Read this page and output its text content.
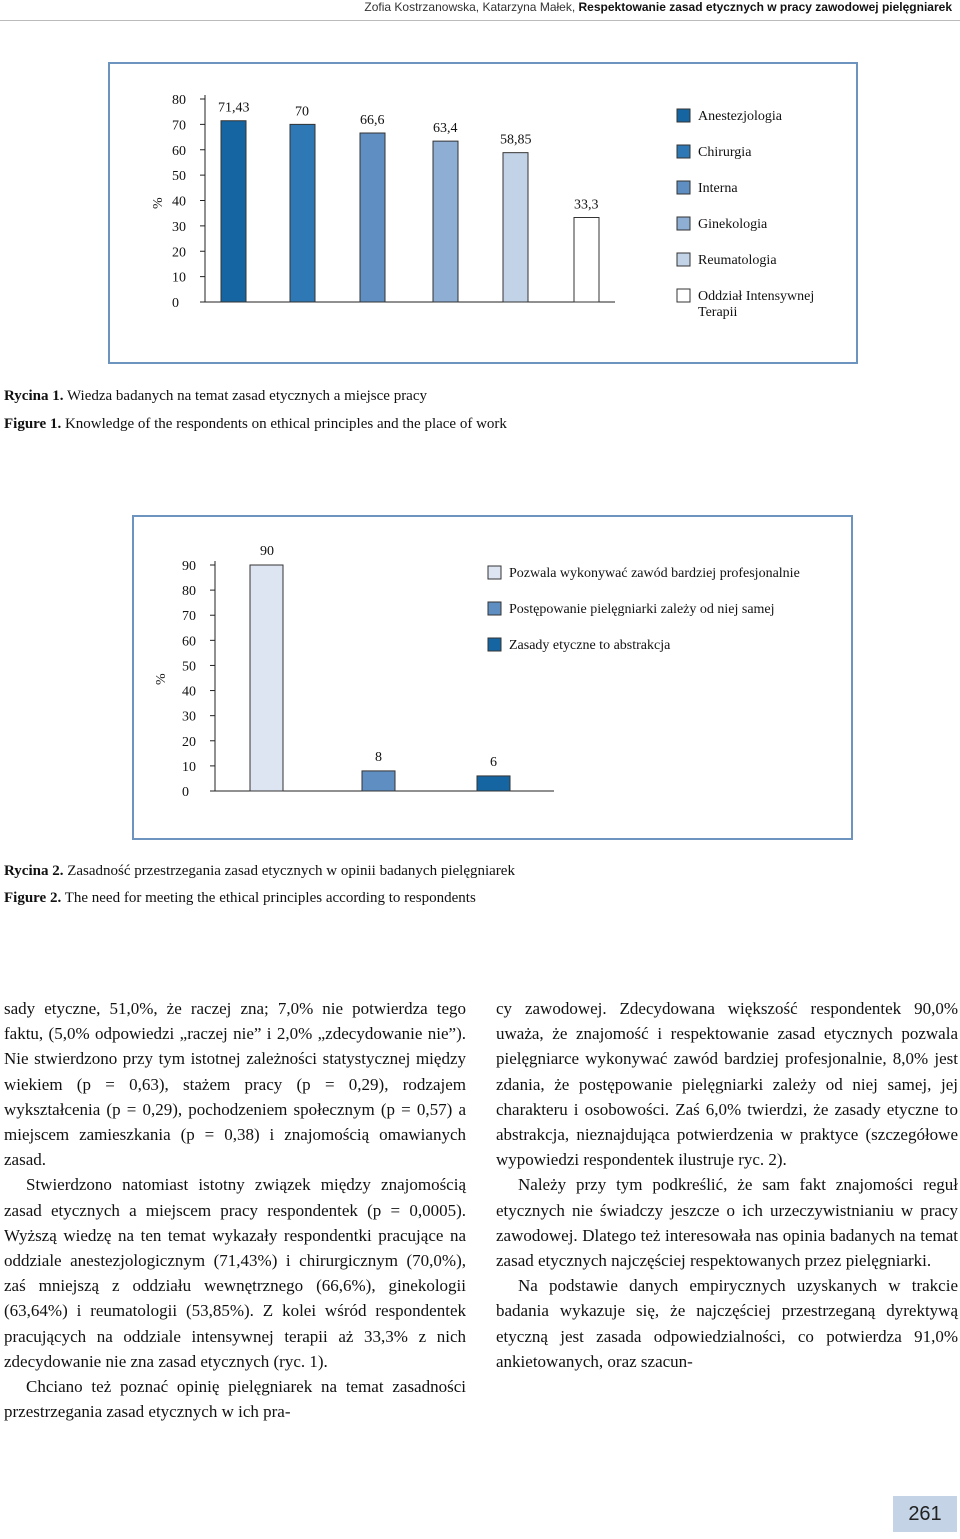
Zofia Kostrzanowska, Katarzyna Małek, Respektowanie zasad etycznych w pracy zawodowej pielęgniarek
80
70
60
50
40
30
20
10
0
%
71,43	70
66,6
63,4
58,85
33,3
Anestezjologia
Chirurgia
Interna
Ginekologia
Reumatologia
Oddział Intensywnej
Terapii
Rycina 1. Wiedza badanych na temat zasad etycznych a miejsce pracy
Figure 1. Knowledge of the respondents on ethical principles and the place of work
90
80
70
60
50
40
30
20
10
0
%
90
8	6
Pozwala wykonywać zawód bardziej profesjonalnie
Postępowanie pielęgniarki zależy od niej samej
Zasady etyczne to abstrakcja
Rycina 2. Zasadność przestrzegania zasad etycznych w opinii badanych pielęgniarek
Figure 2. The need for meeting the ethical principles according to respondents

sady etyczne, 51,0%, że raczej zna; 7,0% nie potwierdza tego faktu, (5,0% odpowiedzi „raczej nie” i 2,0% „zdecydowanie nie”). Nie stwierdzono przy tym istotnej zależności statystycznej między wiekiem (p = 0,63), stażem pracy (p = 0,29), rodzajem wykształcenia (p = 0,29), pochodzeniem społecznym (p = 0,57) a miejscem zamieszkania (p = 0,38) i znajomością omawianych zasad.

Stwierdzono natomiast istotny związek między znajomością zasad etycznych a miejscem pracy respondentek (p = 0,0005). Wyższą wiedzę na ten temat wykazały respondentki pracujące na oddziale anestezjologicznym (71,43%) i chirurgicznym (70,0%), zaś mniejszą z oddziału wewnętrznego (66,6%), ginekologii (63,64%) i reumatologii (53,85%). Z kolei wśród respondentek pracujących na oddziale intensywnej terapii aż 33,3% z nich zdecydowanie nie zna zasad etycznych (ryc. 1).

Chciano też poznać opinię pielęgniarek na temat zasadności przestrzegania zasad etycznych w ich pra-

cy zawodowej. Zdecydowana większość respondentek 90,0% uważa, że znajomość i respektowanie zasad etycznych pozwala pielęgniarce wykonywać zawód bardziej profesjonalnie, 8,0% jest zdania, że postępowanie pielęgniarki zależy od niej samej, jej charakteru i osobowości. Zaś 6,0% twierdzi, że zasady etyczne to abstrakcja, nieznajdująca potwierdzenia w praktyce (szczegółowe wypowiedzi respondentek ilustruje ryc. 2).

Należy przy tym podkreślić, że sam fakt znajomości reguł etycznych nie świadczy jeszcze o ich urzeczywistnianiu w pracy zawodowej. Dlatego też interesowała nas opinia badanych na temat zasad etycznych najczęściej respektowanych przez pielęgniarki.

Na podstawie danych empirycznych uzyskanych w trakcie badania wykazuje się, że najczęściej przestrzeganą dyrektywą etyczną jest zasada odpowiedzialności, co potwierdza 91,0% ankietowanych, oraz szacun-

261
